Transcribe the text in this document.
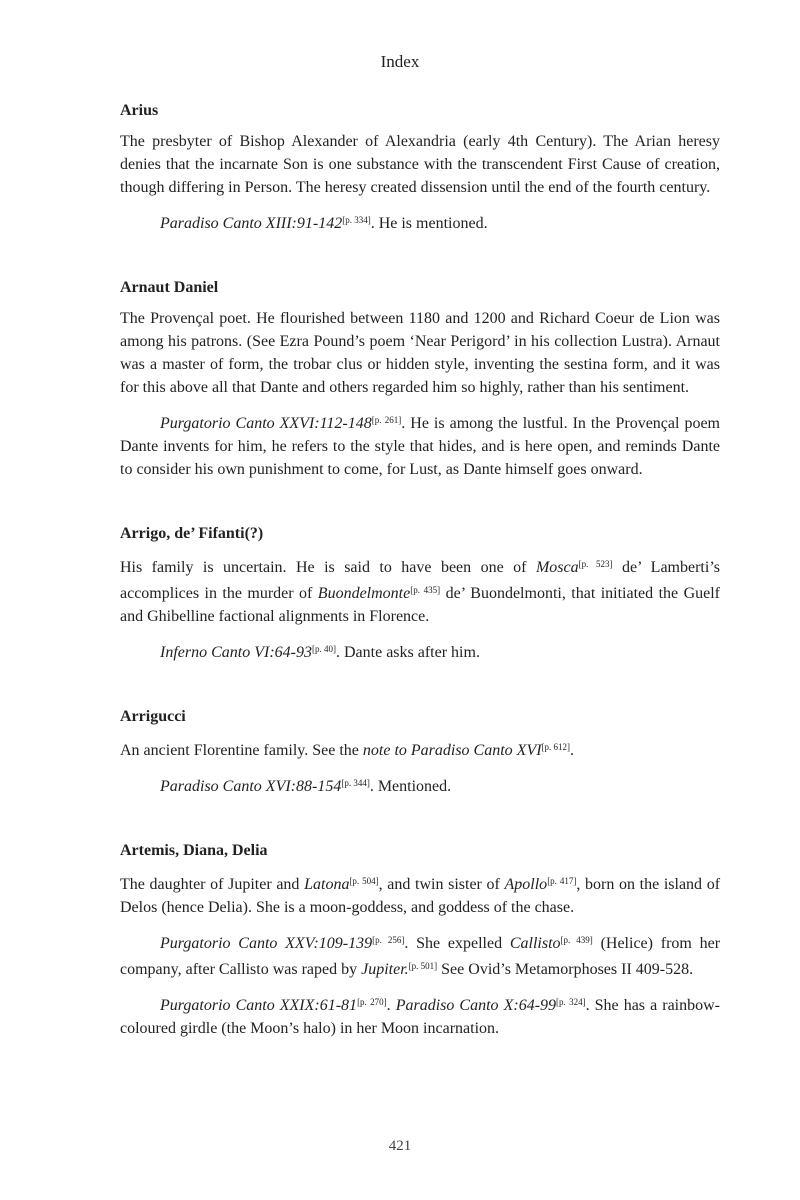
Index

Arius

The presbyter of Bishop Alexander of Alexandria (early 4th Century). The Arian heresy denies that the incarnate Son is one substance with the transcendent First Cause of creation, though differing in Person. The heresy created dissension until the end of the fourth century.

Paradiso Canto XIII:91-142[p. 334]. He is mentioned.

Arnaut Daniel

The Provençal poet. He flourished between 1180 and 1200 and Richard Coeur de Lion was among his patrons. (See Ezra Pound’s poem ‘Near Perigord’ in his collection Lustra). Arnaut was a master of form, the trobar clus or hidden style, inventing the sestina form, and it was for this above all that Dante and others regarded him so highly, rather than his sentiment.

Purgatorio Canto XXVI:112-148[p. 261]. He is among the lustful. In the Provençal poem Dante invents for him, he refers to the style that hides, and is here open, and reminds Dante to consider his own punishment to come, for Lust, as Dante himself goes onward.

Arrigo, de’ Fifanti(?)

His family is uncertain. He is said to have been one of Mosca[p. 523] de’ Lamberti’s accomplices in the murder of Buondelmonte[p. 435] de’ Buondelmonti, that initiated the Guelf and Ghibelline factional alignments in Florence.

Inferno Canto VI:64-93[p. 40]. Dante asks after him.

Arrigucci

An ancient Florentine family. See the note to Paradiso Canto XVI[p. 612].

Paradiso Canto XVI:88-154[p. 344]. Mentioned.

Artemis, Diana, Delia

The daughter of Jupiter and Latona[p. 504], and twin sister of Apollo[p. 417], born on the island of Delos (hence Delia). She is a moon-goddess, and goddess of the chase.

Purgatorio Canto XXV:109-139[p. 256]. She expelled Callisto[p. 439] (Helice) from her company, after Callisto was raped by Jupiter.[p. 501] See Ovid’s Metamorphoses II 409-528.

Purgatorio Canto XXIX:61-81[p. 270]. Paradiso Canto X:64-99[p. 324]. She has a rainbow-coloured girdle (the Moon’s halo) in her Moon incarnation.

421
